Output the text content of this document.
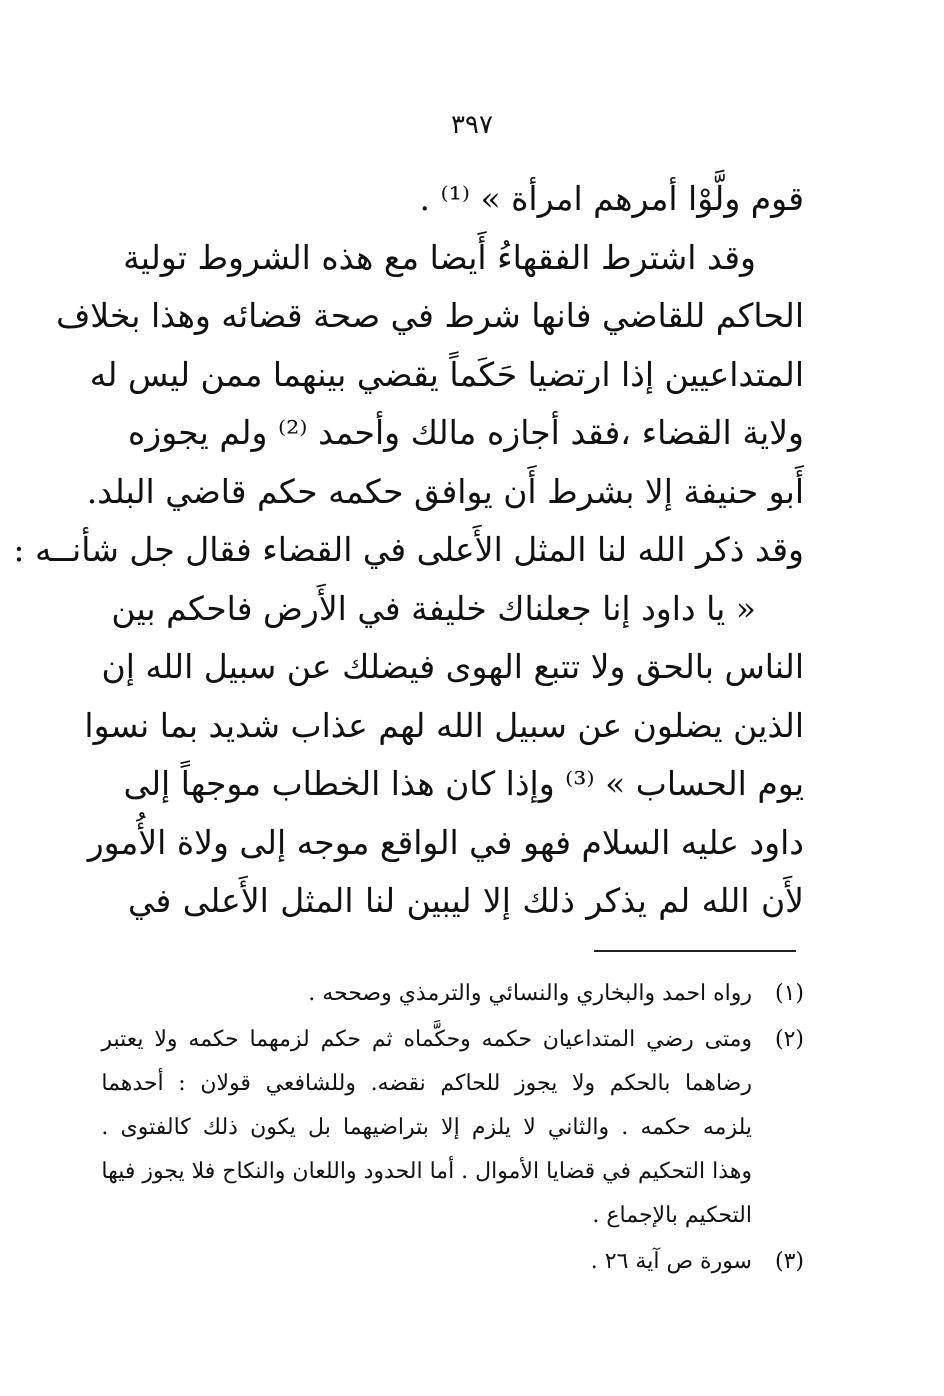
٣٩٧
قوم ولَّوْا أمرهم امرأة » ⁽¹⁾ .
وقد اشترط الفقهاءُ أَيضا مع هذه الشروط تولية
الحاكم للقاضي فانها شرط في صحة قضائه وهذا بخلاف
المتداعيين إذا ارتضيا حَكَماً يقضي بينهما ممن ليس له
ولاية القضاء ،فقد أجازه مالك وأحمد ⁽²⁾ ولم يجوزه
أَبو حنيفة إلا بشرط أَن يوافق حكمه حكم قاضي البلد.
وقد ذكر الله لنا المثل الأَعلى في القضاء فقال جل شأنــه :
« يا داود إنا جعلناك خليفة في الأَرض فاحكم بين
الناس بالحق ولا تتبع الهوى فيضلك عن سبيل الله إن
الذين يضلون عن سبيل الله لهم عذاب شديد بما نسوا
يوم الحساب » ⁽³⁾ وإذا كان هذا الخطاب موجهاً إلى
داود عليه السلام فهو في الواقع موجه إلى ولاة الأُمور
لأَن الله لم يذكر ذلك إلا ليبين لنا المثل الأَعلى في
(١)
رواه احمد والبخاري والنسائي والترمذي وصححه .
(٢)
ومتى رضي المتداعيان حكمه وحكَّماه ثم حكم لزمهما حكمه ولا يعتبر
رضاهما بالحكم ولا يجوز للحاكم نقضه. وللشافعي قولان : أحدهما
يلزمه حكمه . والثاني لا يلزم إلا بتراضيهما بل يكون ذلك كالفتوى .
وهذا التحكيم في قضايا الأموال . أما الحدود واللعان والنكاح فلا يجوز فيها
التحكيم بالإجماع .
(٣)
سورة ص آية ٢٦ .
